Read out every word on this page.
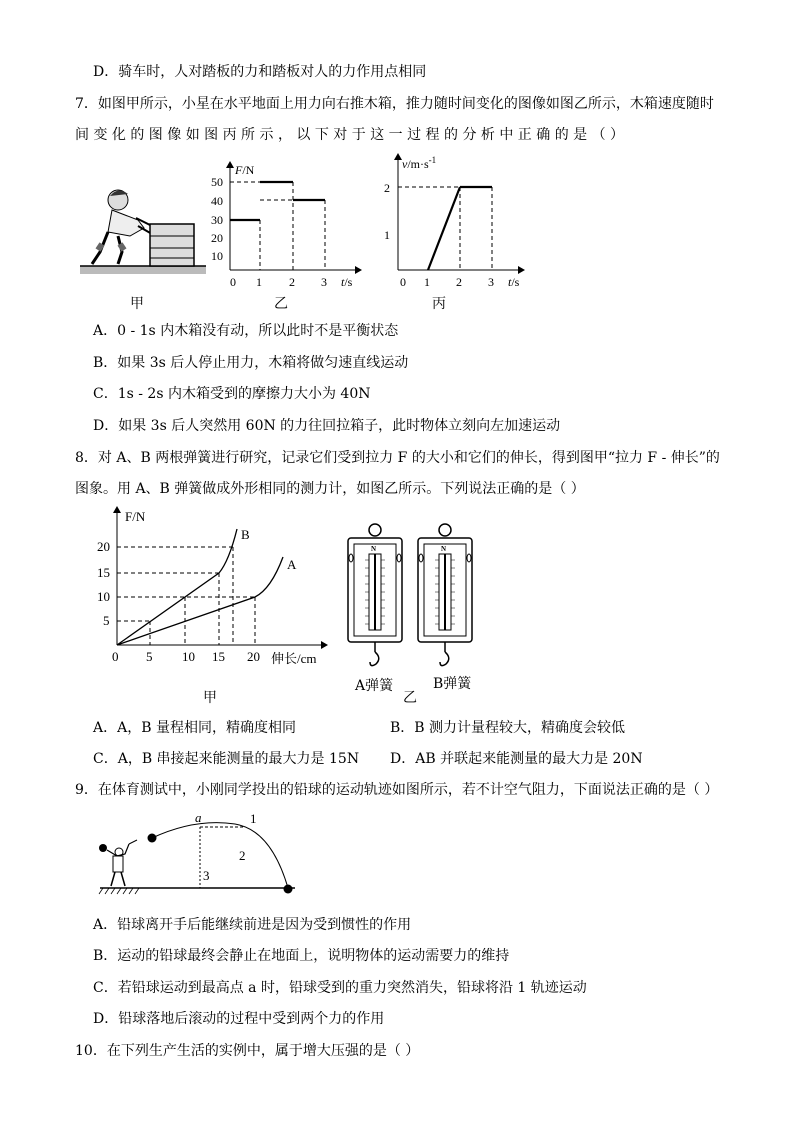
D．骑车时，人对踏板的力和踏板对人的力作用点相同
7．如图甲所示，小星在水平地面上用力向右推木箱，推力随时间变化的图像如图乙所示，木箱速度随时
间 变 化 的 图 像 如 图 丙 所 示 ， 以 下 对 于 这 一 过 程 的 分 析 中 正 确 的 是 （ ）
甲
F/N
t/s
50
40
30
20
10
0 1 2 3
乙
$v/m\cdot s^{-1}$
t/s
2
1
0 1 2 3
丙
A．0 - 1s 内木箱没有动，所以此时不是平衡状态
B．如果 3s 后人停止用力，木箱将做匀速直线运动
C．1s - 2s 内木箱受到的摩擦力大小为 40N
D．如果 3s 后人突然用 60N 的力往回拉箱子，此时物体立刻向左加速运动
8．对 A、B 两根弹簧进行研究，记录它们受到拉力 F 的大小和它们的伸长，得到图甲“拉力 F - 伸长”的
图象。用 A、B 弹簧做成外形相同的测力计，如图乙所示。下列说法正确的是（ ）
F/N
20
15
10
5
0 5 10 15 20 伸长/cm
B
A
甲
N	N
A弹簧
乙
B弹簧
A．A，B 量程相同，精确度相同	B．B 测力计量程较大，精确度会较低
C．A，B 串接起来能测量的最大力是 15N D．AB 并联起来能测量的最大力是 20N
9．在体育测试中，小刚同学投出的铅球的运动轨迹如图所示，若不计空气阻力，下面说法正确的是（ ）
a	1
3
2
A．铅球离开手后能继续前进是因为受到惯性的作用
B．运动的铅球最终会静止在地面上，说明物体的运动需要力的维持
C．若铅球运动到最高点 a 时，铅球受到的重力突然消失，铅球将沿 1 轨迹运动
D．铅球落地后滚动的过程中受到两个力的作用
10．在下列生产生活的实例中，属于增大压强的是（ ）
